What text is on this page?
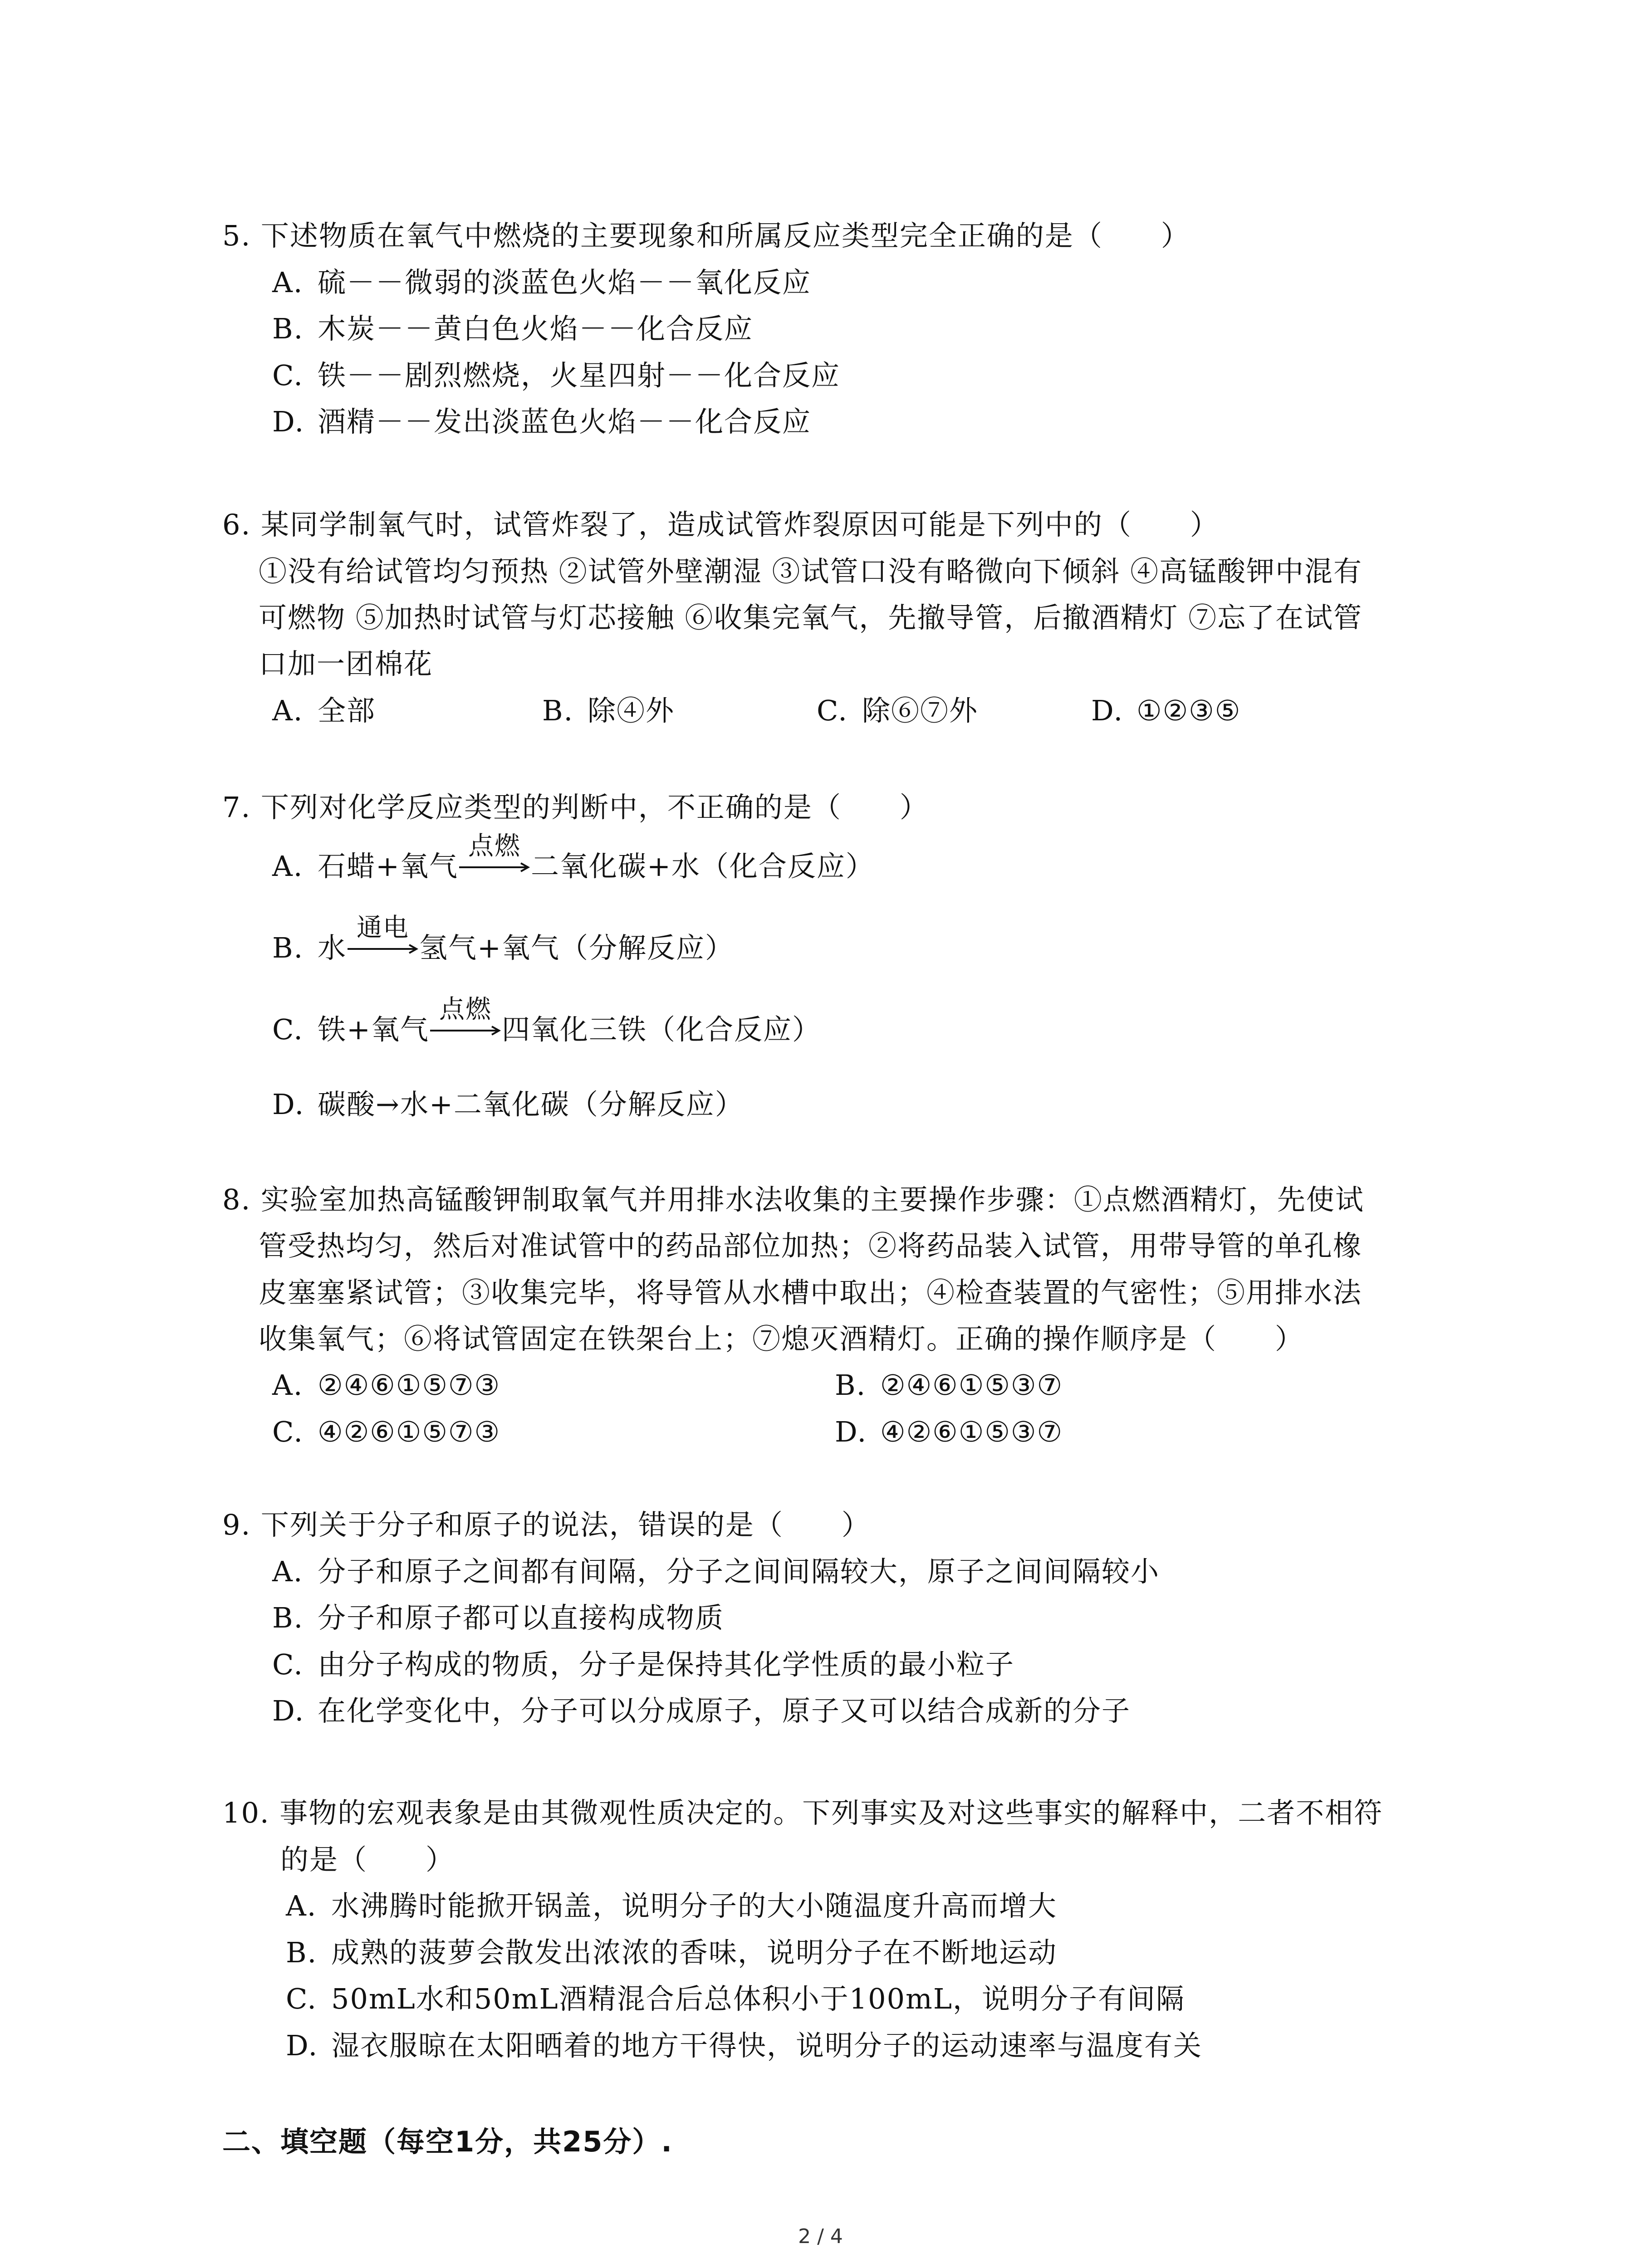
5. 下述物质在氧气中燃烧的主要现象和所属反应类型完全正确的是（　　）
A. 硫－－微弱的淡蓝色火焰－－氧化反应
B. 木炭－－黄白色火焰－－化合反应
C. 铁－－剧烈燃烧，火星四射－－化合反应
D. 酒精－－发出淡蓝色火焰－－化合反应
6. 某同学制氧气时，试管炸裂了，造成试管炸裂原因可能是下列中的（　　）
①没有给试管均匀预热 ②试管外壁潮湿 ③试管口没有略微向下倾斜 ④高锰酸钾中混有
可燃物 ⑤加热时试管与灯芯接触 ⑥收集完氧气，先撤导管，后撤酒精灯 ⑦忘了在试管
口加一团棉花
A. 全部	B. 除④外	C. 除⑥⑦外	D. ①②③⑤
7. 下列对化学反应类型的判断中，不正确的是（　　）
A. 石蜡+氧气
点燃
二氧化碳+水（化合反应）
B. 水
通电
氢气+氧气（分解反应）
C. 铁+氧气
点燃
四氧化三铁（化合反应）
D. 碳酸→水+二氧化碳（分解反应）
8. 实验室加热高锰酸钾制取氧气并用排水法收集的主要操作步骤：①点燃酒精灯，先使试
管受热均匀，然后对准试管中的药品部位加热；②将药品装入试管，用带导管的单孔橡
皮塞塞紧试管；③收集完毕，将导管从水槽中取出；④检查装置的气密性；⑤用排水法
收集氧气；⑥将试管固定在铁架台上；⑦熄灭酒精灯。正确的操作顺序是（　　）
A. ②④⑥①⑤⑦③	B. ②④⑥①⑤③⑦
C. ④②⑥①⑤⑦③	D. ④②⑥①⑤③⑦
9. 下列关于分子和原子的说法，错误的是（　　）
A. 分子和原子之间都有间隔，分子之间间隔较大，原子之间间隔较小
B. 分子和原子都可以直接构成物质
C. 由分子构成的物质，分子是保持其化学性质的最小粒子
D. 在化学变化中，分子可以分成原子，原子又可以结合成新的分子
10. 事物的宏观表象是由其微观性质决定的。下列事实及对这些事实的解释中，二者不相符
的是（　　）
A. 水沸腾时能掀开锅盖，说明分子的大小随温度升高而增大
B. 成熟的菠萝会散发出浓浓的香味，说明分子在不断地运动
C. 50mL水和50mL酒精混合后总体积小于100mL，说明分子有间隔
D. 湿衣服晾在太阳晒着的地方干得快，说明分子的运动速率与温度有关
二、填空题（每空1分，共25分）.
2 / 4
